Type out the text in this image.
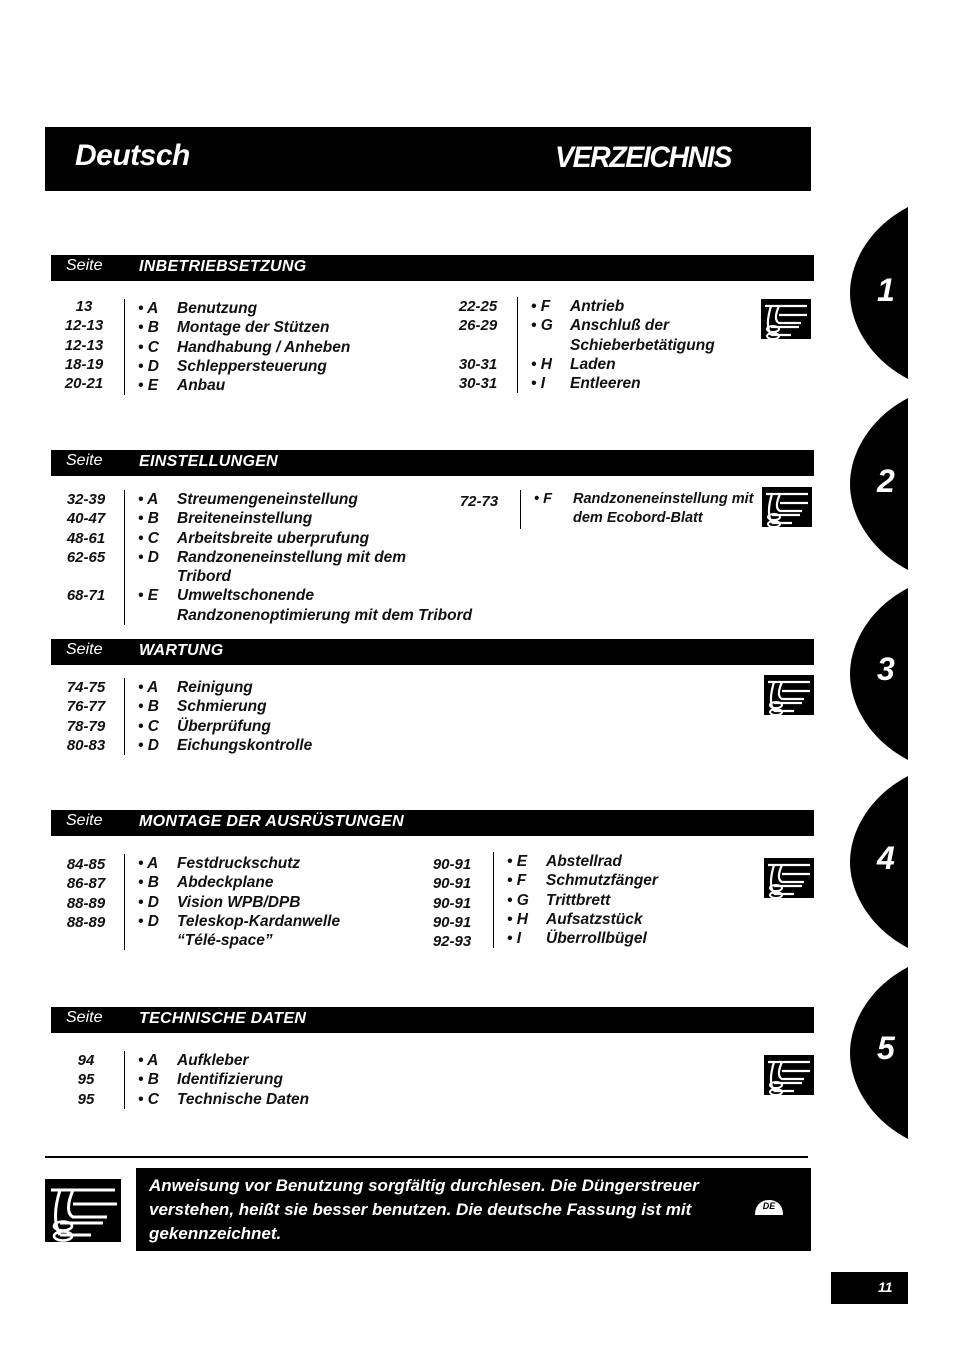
Deutsch	VERZEICHNIS
Seite INBETRIEBSETZUNG
13
12-13
12-13
18-19
20-21
• A Benutzung
• B Montage der Stützen
• C Handhabung / Anheben
• D Schleppersteuerung
• E Anbau
22-25
26-29

30-31
30-31
• F Antrieb
• G Anschluß der
Schieberbetätigung
• H Laden
• I Entleeren
Seite EINSTELLUNGEN
32-39
40-47
48-61
62-65

68-71
• A Streumengeneinstellung
• B Breiteneinstellung
• C Arbeitsbreite uberprufung
• D Randzoneneinstellung mit dem
Tribord
• E Umweltschonende
Randzonenoptimierung mit dem Tribord
72-73	• F Randzoneneinstellung mit
dem Ecobord-Blatt
Seite WARTUNG
74-75
76-77
78-79
80-83
• A Reinigung
• B Schmierung
• C Überprüfung
• D Eichungskontrolle
Seite MONTAGE DER AUSRÜSTUNGEN
84-85
86-87
88-89
88-89
• A Festdruckschutz
• B Abdeckplane
• D Vision WPB/DPB
• D Teleskop-Kardanwelle
“Télé-space”
90-91
90-91
90-91
90-91
92-93
• E Abstellrad
• F Schmutzfänger
• G Trittbrett
• H Aufsatzstück
• I Überrollbügel
Seite TECHNISCHE DATEN
94
95
95
• A Aufkleber
• B Identifizierung
• C Technische Daten
1
2
3
4
5
Anweisung vor Benutzung sorgfältig durchlesen. Die Düngerstreuer verstehen, heißt sie besser benutzen. Die deutsche Fassung ist mit gekennzeichnet.
DE
11
